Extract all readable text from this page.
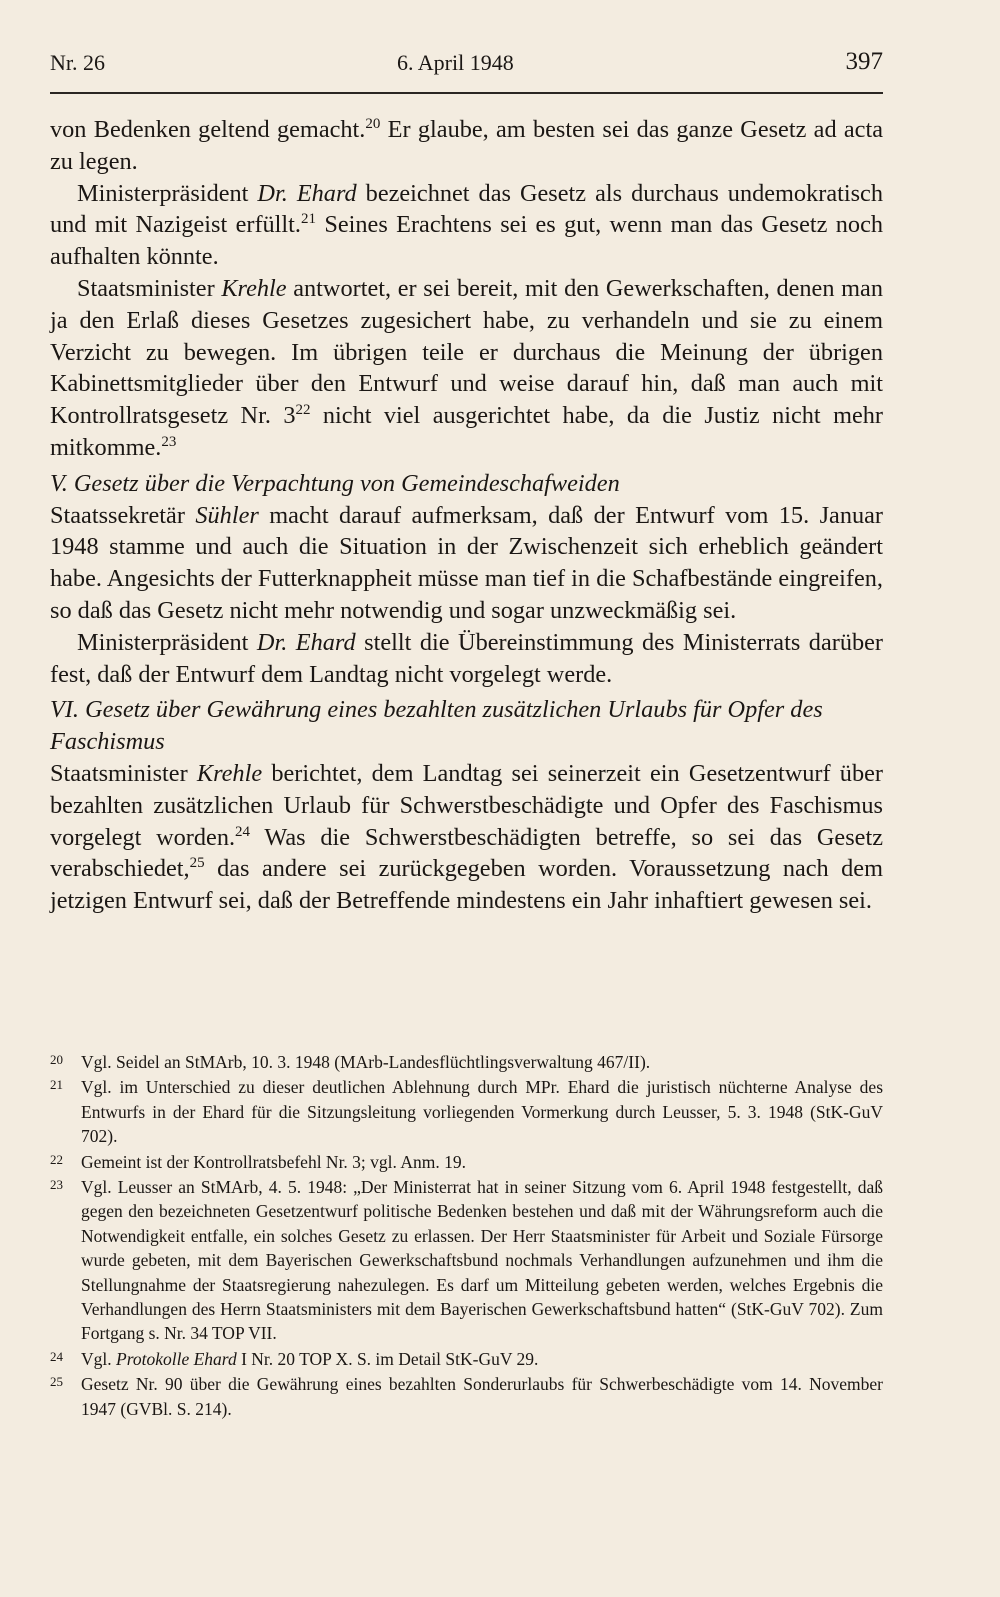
Nr. 26	6. April 1948	397

von Bedenken geltend gemacht.$^{20}$ Er glaube, am besten sei das ganze Gesetz ad acta zu legen.

Ministerpräsident Dr. Ehard bezeichnet das Gesetz als durchaus undemokratisch und mit Nazigeist erfüllt.$^{21}$ Seines Erachtens sei es gut, wenn man das Gesetz noch aufhalten könnte.

Staatsminister Krehle antwortet, er sei bereit, mit den Gewerkschaften, denen man ja den Erlaß dieses Gesetzes zugesichert habe, zu verhandeln und sie zu einem Verzicht zu bewegen. Im übrigen teile er durchaus die Meinung der übrigen Kabinettsmitglieder über den Entwurf und weise darauf hin, daß man auch mit Kontrollratsgesetz Nr. $3^{22}$ nicht viel ausgerichtet habe, da die Justiz nicht mehr mitkomme.$^{23}$

V. Gesetz über die Verpachtung von Gemeindeschafweiden

Staatssekretär Sühler macht darauf aufmerksam, daß der Entwurf vom 15. Januar 1948 stamme und auch die Situation in der Zwischenzeit sich erheblich geändert habe. Angesichts der Futterknappheit müsse man tief in die Schafbestände eingreifen, so daß das Gesetz nicht mehr notwendig und sogar unzweckmäßig sei.

Ministerpräsident Dr. Ehard stellt die Übereinstimmung des Ministerrats darüber fest, daß der Entwurf dem Landtag nicht vorgelegt werde.

VI. Gesetz über Gewährung eines bezahlten zusätzlichen Urlaubs für Opfer des Faschismus

Staatsminister Krehle berichtet, dem Landtag sei seinerzeit ein Gesetzentwurf über bezahlten zusätzlichen Urlaub für Schwerstbeschädigte und Opfer des Faschismus vorgelegt worden.$^{24}$ Was die Schwerstbeschädigten betreffe, so sei das Gesetz verabschiedet,$^{25}$ das andere sei zurückgegeben worden. Voraussetzung nach dem jetzigen Entwurf sei, daß der Betreffende mindestens ein Jahr inhaftiert gewesen sei.

20 Vgl. Seidel an StMArb, 10. 3. 1948 (MArb-Landesflüchtlingsverwaltung 467/II).
21 Vgl. im Unterschied zu dieser deutlichen Ablehnung durch MPr. Ehard die juristisch nüchterne Analyse des Entwurfs in der Ehard für die Sitzungsleitung vorliegenden Vormerkung durch Leusser, 5. 3. 1948 (StK-GuV 702).
22 Gemeint ist der Kontrollratsbefehl Nr. 3; vgl. Anm. 19.
23 Vgl. Leusser an StMArb, 4. 5. 1948: „Der Ministerrat hat in seiner Sitzung vom 6. April 1948 festgestellt, daß gegen den bezeichneten Gesetzentwurf politische Bedenken bestehen und daß mit der Währungsreform auch die Notwendigkeit entfalle, ein solches Gesetz zu erlassen. Der Herr Staatsminister für Arbeit und Soziale Fürsorge wurde gebeten, mit dem Bayerischen Gewerkschaftsbund nochmals Verhandlungen aufzunehmen und ihm die Stellungnahme der Staatsregierung nahezulegen. Es darf um Mitteilung gebeten werden, welches Ergebnis die Verhandlungen des Herrn Staatsministers mit dem Bayerischen Gewerkschaftsbund hatten“ (StK-GuV 702). Zum Fortgang s. Nr. 34 TOP VII.
24 Vgl. Protokolle Ehard I Nr. 20 TOP X. S. im Detail StK-GuV 29.
25 Gesetz Nr. 90 über die Gewährung eines bezahlten Sonderurlaubs für Schwerbeschädigte vom 14. November 1947 (GVBl. S. 214).
